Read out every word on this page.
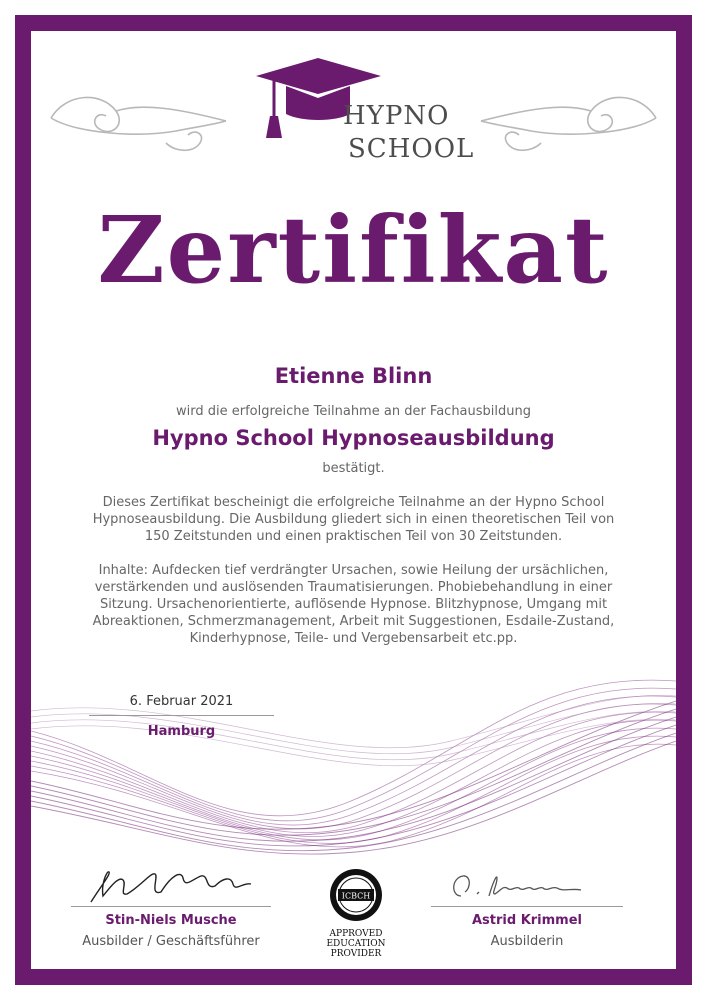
HYPNO
SCHOOL
Zertifikat
Etienne Blinn
wird die erfolgreiche Teilnahme an der Fachausbildung
Hypno School Hypnoseausbildung
bestätigt.
Dieses Zertifikat bescheinigt die erfolgreiche Teilnahme an der Hypno School Hypnoseausbildung. Die Ausbildung gliedert sich in einen theoretischen Teil von 150 Zeitstunden und einen praktischen Teil von 30 Zeitstunden.
Inhalte: Aufdecken tief verdrängter Ursachen, sowie Heilung der ursächlichen, verstärkenden und auslösenden Traumatisierungen. Phobiebehandlung in einer Sitzung. Ursachenorientierte, auflösende Hypnose. Blitzhypnose, Umgang mit Abreaktionen, Schmerzmanagement, Arbeit mit Suggestionen, Esdaile-Zustand, Kinderhypnose, Teile- und Vergebensarbeit etc.pp.
6. Februar 2021
Hamburg
Stin-Niels Musche
Ausbilder / Geschäftsführer
ICBCH
APPROVED
EDUCATION
PROVIDER
Astrid Krimmel
Ausbilderin
